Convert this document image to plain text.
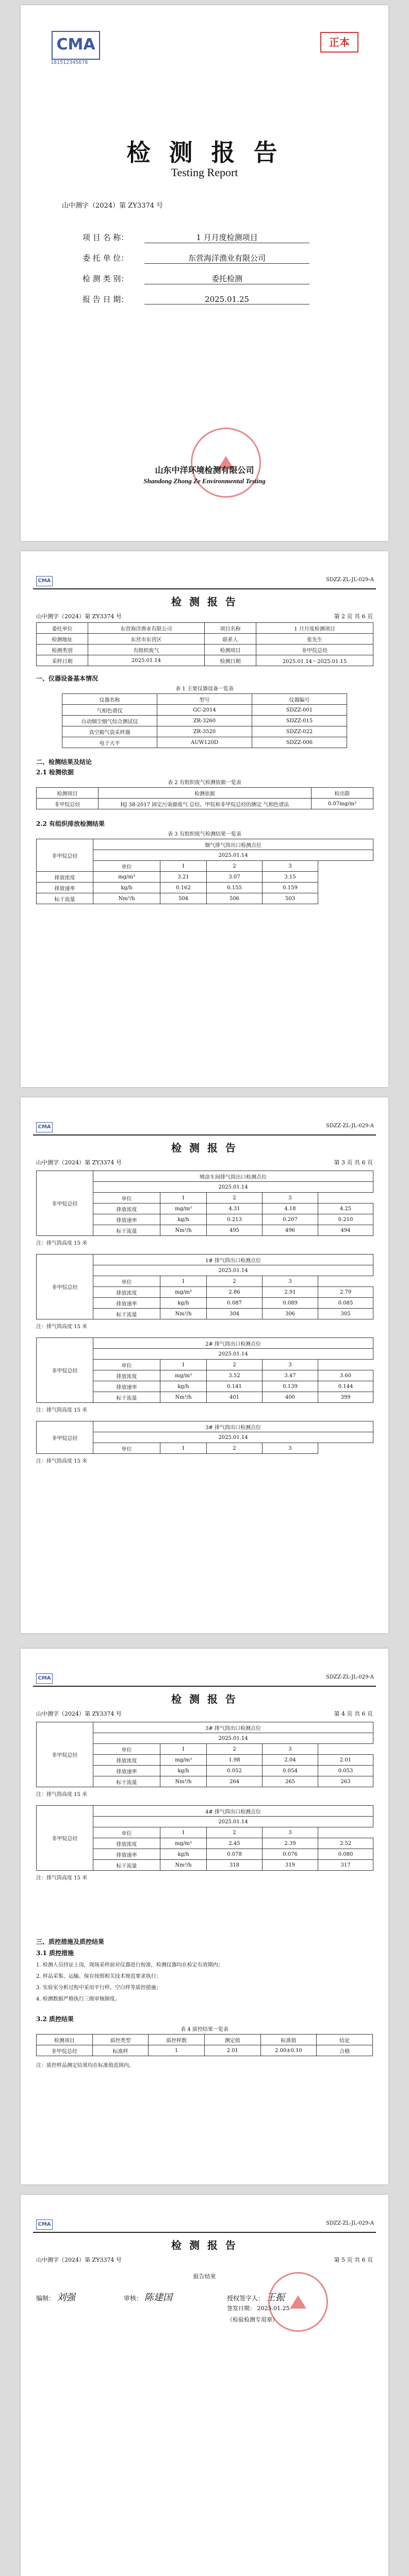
CMA
181512345678
正本
检 测 报 告
Testing Report
山中测字（2024）第 ZY3374 号
项 目 名 称：	1 月月度检测项目
委 托 单 位：	东营海洋渔业有限公司
检 测 类 别：	委托检测
报 告 日 期：	2025.01.25
山东中洋环境检测有限公司
Shandong Zhong Ze Environmental Testing
CMA	SDZZ-ZL-JL-029-A
检 测 报 告
山中测字（2024）第 ZY3374 号	第 2 页 共 6 页
委托单位	东营海洋渔业有限公司	项目名称	1 月月度检测项目
检测地址	东营市东营区	联系人	张先生
检测类别	有组织废气	检测项目	非甲烷总烃
采样日期	2025.01.14	检测日期	2025.01.14～2025.01.15
一、仪器设备基本情况
表 1 主要仪器设备一览表
仪器名称	型号	仪器编号
气相色谱仪	GC-2014	SDZZ-001
自动烟尘烟气综合测试仪	ZR-3260	SDZZ-015
真空箱气袋采样器	ZR-3520	SDZZ-022
电子天平	AUW120D	SDZZ-006
二、检测结果及结论
2.1 检测依据
表 2 有组织废气检测依据一览表
检测项目	检测依据	检出限
非甲烷总烃	HJ 38-2017 固定污染源废气 总烃、甲烷和非甲烷总烃的测定 气相色谱法	0.07mg/m³
2.2 有组织排放检测结果
表 3 有组织废气检测结果一览表
非甲烷总烃	烟气排气筒出口检测点位			
	2025.01.14			
	单位	1	2	3
排放浓度	mg/m³	3.21	3.07	3.15
排放速率	kg/h	0.162	0.155	0.159
标干流量	Nm³/h	504	506	503
CMA	SDZZ-ZL-JL-029-A
检 测 报 告
山中测字（2024）第 ZY3374 号	第 3 页 共 6 页
非甲烷总烃	喷涂车间排气筒出口检测点位				
	2025.01.14				
	单位	1	2	3	
	排放浓度	mg/m³	4.31	4.18	4.25
	排放速率	kg/h	0.213	0.207	0.210
	标干流量	Nm³/h	495	496	494
注：排气筒高度 15 米
非甲烷总烃	1# 排气筒出口检测点位				
	2025.01.14				
	单位	1	2	3	
	排放浓度	mg/m³	2.86	2.91	2.79
	排放速率	kg/h	0.087	0.089	0.085
	标干流量	Nm³/h	304	306	305
注：排气筒高度 15 米
非甲烷总烃	2# 排气筒出口检测点位				
	2025.01.14				
	单位	1	2	3	
	排放浓度	mg/m³	3.52	3.47	3.60
	排放速率	kg/h	0.141	0.139	0.144
	标干流量	Nm³/h	401	400	399
注：排气筒高度 15 米
非甲烷总烃	3# 排气筒出口检测点位			
	2025.01.14			
	单位	1	2	3
注：排气筒高度 15 米
CMA	SDZZ-ZL-JL-029-A
检 测 报 告
山中测字（2024）第 ZY3374 号	第 4 页 共 6 页
非甲烷总烃	3# 排气筒出口检测点位				
	2025.01.14				
	单位	1	2	3	
	排放浓度	mg/m³	1.98	2.04	2.01
	排放速率	kg/h	0.052	0.054	0.053
	标干流量	Nm³/h	264	265	263
注：排气筒高度 15 米
非甲烷总烃	4# 排气筒出口检测点位				
	2025.01.14				
	单位	1	2	3	
	排放浓度	mg/m³	2.45	2.39	2.52
	排放速率	kg/h	0.078	0.076	0.080
	标干流量	Nm³/h	318	319	317
注：排气筒高度 15 米
三、质控措施及质控结果
3.1 质控措施
1. 检测人员持证上岗，现场采样前对仪器进行校准，检测仪器均在检定有效期内；
2. 样品采集、运输、保存按照相关技术规范要求执行；
3. 实验室分析过程中采用平行样、空白样等质控措施；
4. 检测数据严格执行三级审核制度。
3.2 质控结果
表 4 质控结果一览表
检测项目	质控类型	质控样数	测定值	标准值	结论
非甲烷总烃	标准样	1	2.01	2.00±0.10	合格
注：质控样品测定结果均在标准值范围内。
CMA	SDZZ-ZL-JL-029-A
检 测 报 告
山中测字（2024）第 ZY3374 号	第 5 页 共 6 页
报告结束
编制： 刘强	审核： 陈建国	授权签字人： 王振
签发日期： 2025.01.25
（检验检测专用章）
